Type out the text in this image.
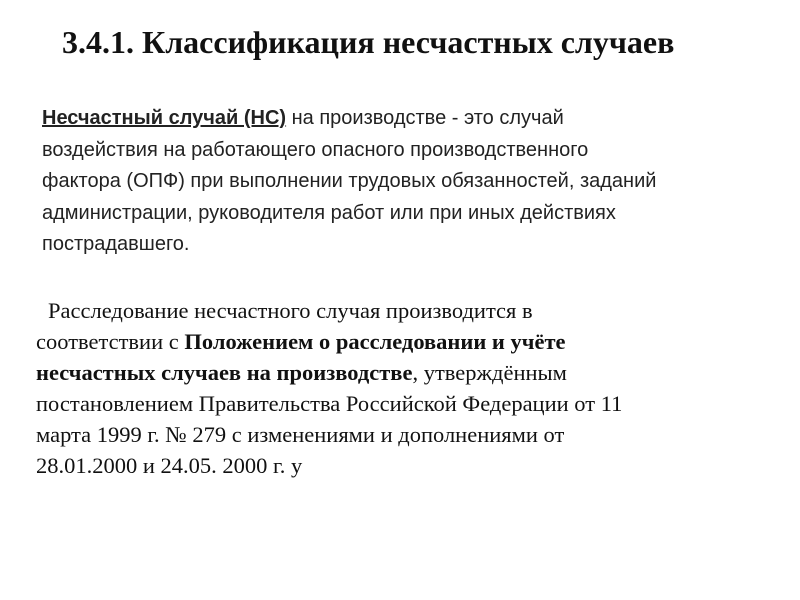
3.4.1. Классификация несчастных случаев
Несчастный случай (НС) на производстве - это случай
воздействия на работающего опасного производственного
фактора (ОПФ) при выполнении трудовых обязанностей, заданий
администрации, руководителя работ или при иных действиях
пострадавшего.
Расследование несчастного случая производится в
соответствии с Положением о расследовании и учёте
несчастных случаев на производстве, утверждённым
постановлением Правительства Российской Федерации от 11
марта 1999 г. № 279 с изменениями и дополнениями от
28.01.2000 и 24.05. 2000 г. у
